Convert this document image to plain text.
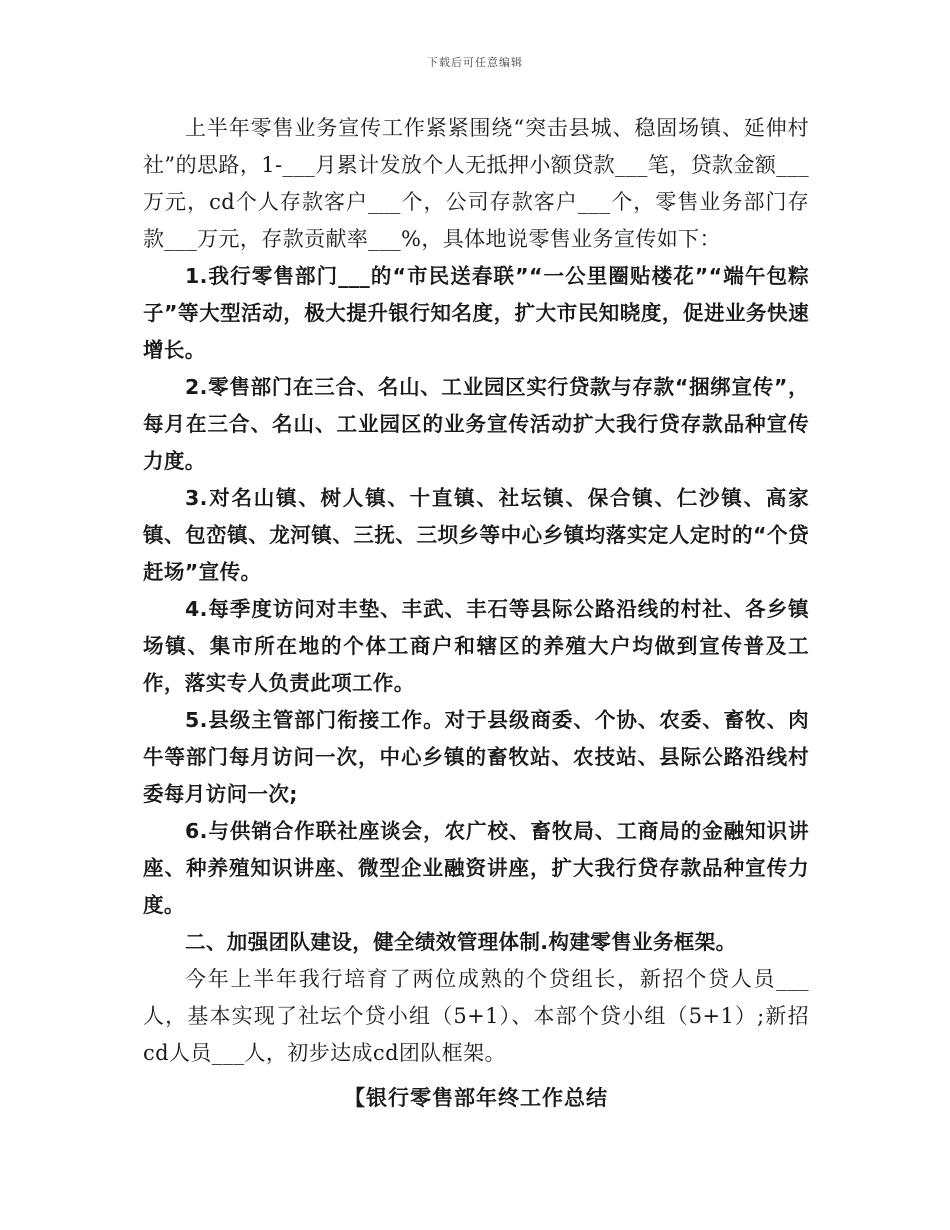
下载后可任意编辑

上半年零售业务宣传工作紧紧围绕“突击县城、稳固场镇、延伸村社”的思路，1-___月累计发放个人无抵押小额贷款___笔，贷款金额___万元，cd个人存款客户___个，公司存款客户___个，零售业务部门存款___万元，存款贡献率___%，具体地说零售业务宣传如下：

1.我行零售部门___的“市民送春联”“一公里圈贴楼花”“端午包粽子”等大型活动，极大提升银行知名度，扩大市民知晓度，促进业务快速增长。

2.零售部门在三合、名山、工业园区实行贷款与存款“捆绑宣传”，每月在三合、名山、工业园区的业务宣传活动扩大我行贷存款品种宣传力度。

3.对名山镇、树人镇、十直镇、社坛镇、保合镇、仁沙镇、高家镇、包峦镇、龙河镇、三抚、三坝乡等中心乡镇均落实定人定时的“个贷赶场”宣传。

4.每季度访问对丰垫、丰武、丰石等县际公路沿线的村社、各乡镇场镇、集市所在地的个体工商户和辖区的养殖大户均做到宣传普及工作，落实专人负责此项工作。

5.县级主管部门衔接工作。对于县级商委、个协、农委、畜牧、肉牛等部门每月访问一次，中心乡镇的畜牧站、农技站、县际公路沿线村委每月访问一次;

6.与供销合作联社座谈会，农广校、畜牧局、工商局的金融知识讲座、种养殖知识讲座、微型企业融资讲座，扩大我行贷存款品种宣传力度。

二、加强团队建设，健全绩效管理体制.构建零售业务框架。

今年上半年我行培育了两位成熟的个贷组长，新招个贷人员___人，基本实现了社坛个贷小组（5+1）、本部个贷小组（5+1）;新招cd人员___人，初步达成cd团队框架。

【银行零售部年终工作总结
